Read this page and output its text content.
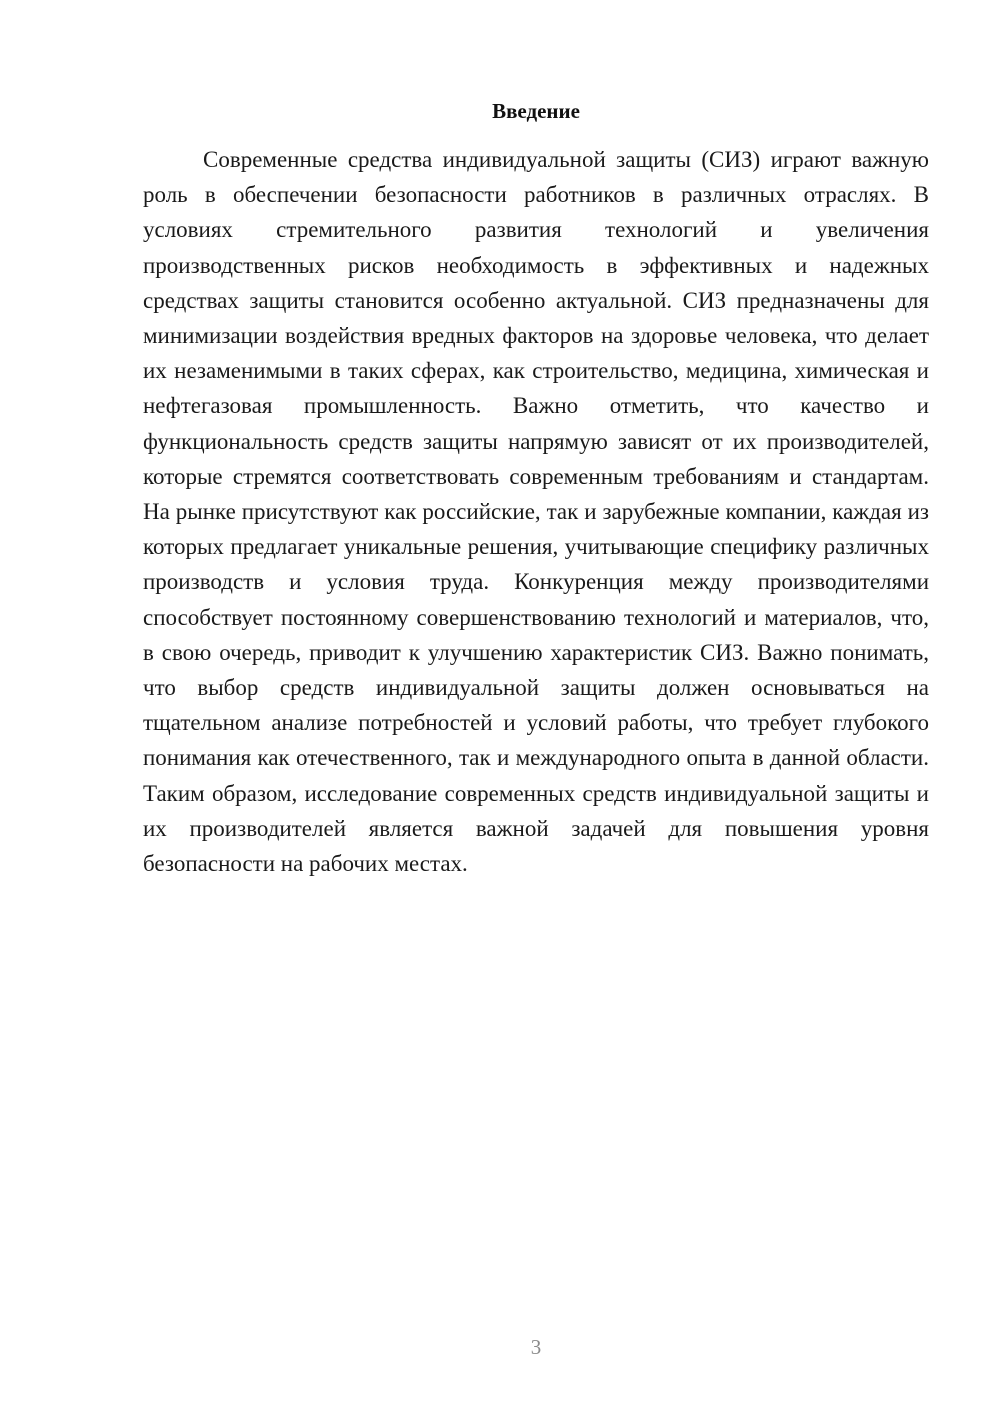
Введение

Современные средства индивидуальной защиты (СИЗ) играют важную роль в обеспечении безопасности работников в различных отраслях. В условиях стремительного развития технологий и увеличения производственных рисков необходимость в эффективных и надежных средствах защиты становится особенно актуальной. СИЗ предназначены для минимизации воздействия вредных факторов на здоровье человека, что делает их незаменимыми в таких сферах, как строительство, медицина, химическая и нефтегазовая промышленность. Важно отметить, что качество и функциональность средств защиты напрямую зависят от их производителей, которые стремятся соответствовать современным требованиям и стандартам. На рынке присутствуют как российские, так и зарубежные компании, каждая из которых предлагает уникальные решения, учитывающие специфику различных производств и условия труда. Конкуренция между производителями способствует постоянному совершенствованию технологий и материалов, что, в свою очередь, приводит к улучшению характеристик СИЗ. Важно понимать, что выбор средств индивидуальной защиты должен основываться на тщательном анализе потребностей и условий работы, что требует глубокого понимания как отечественного, так и международного опыта в данной области. Таким образом, исследование современных средств индивидуальной защиты и их производителей является важной задачей для повышения уровня безопасности на рабочих местах.

3
